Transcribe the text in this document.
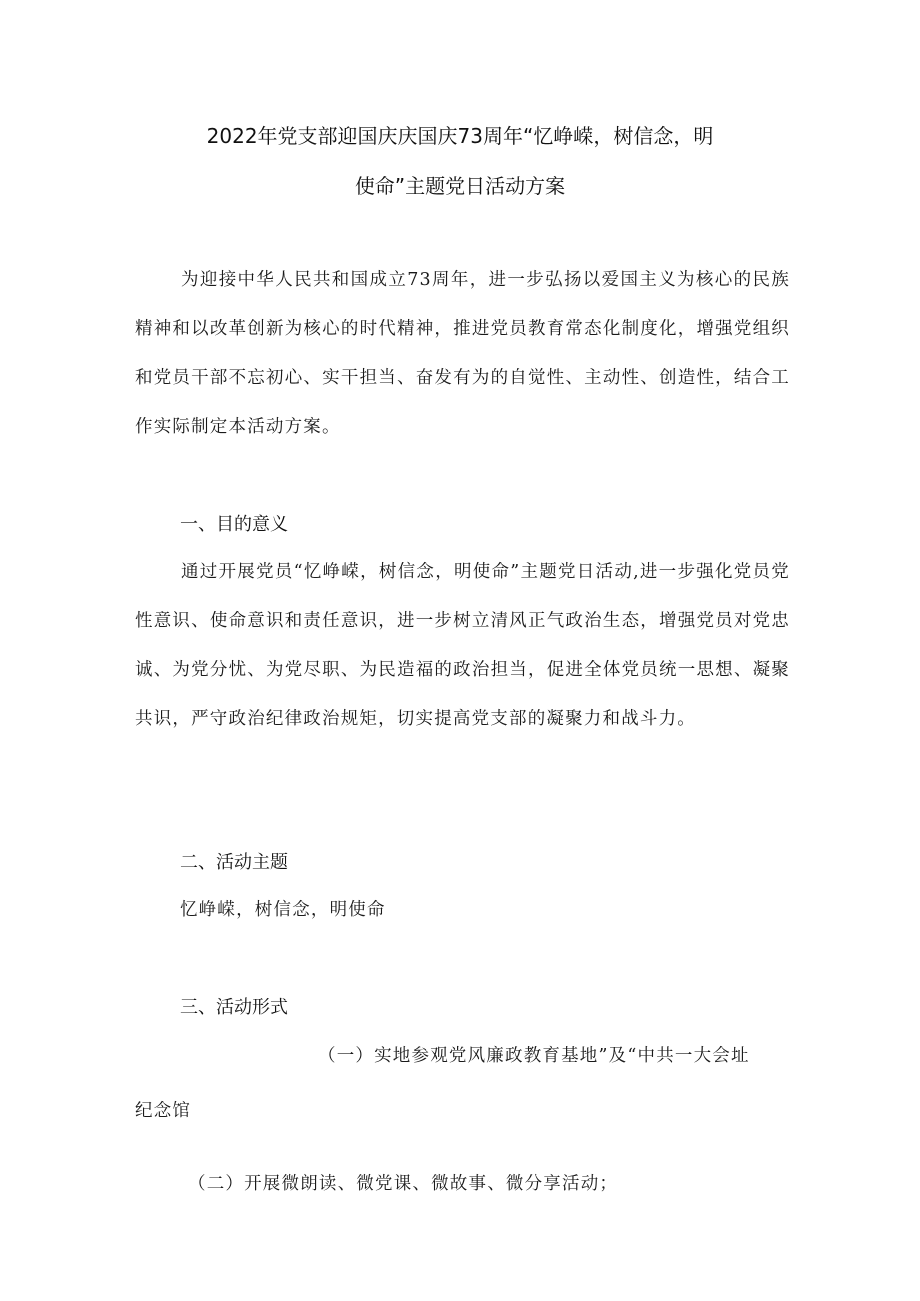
2022年党支部迎国庆庆国庆73周年“忆峥嵘，树信念，明
使命”主题党日活动方案

为迎接中华人民共和国成立73周年，进一步弘扬以爱国主义为核心的民族精神和以改革创新为核心的时代精神，推进党员教育常态化制度化，增强党组织和党员干部不忘初心、实干担当、奋发有为的自觉性、主动性、创造性，结合工作实际制定本活动方案。

一、目的意义

通过开展党员“忆峥嵘，树信念，明使命”主题党日活动,进一步强化党员党性意识、使命意识和责任意识，进一步树立清风正气政治生态，增强党员对党忠诚、为党分忧、为党尽职、为民造福的政治担当，促进全体党员统一思想、凝聚共识，严守政治纪律政治规矩，切实提高党支部的凝聚力和战斗力。

二、活动主题
忆峥嵘，树信念，明使命
三、活动形式
（一）实地参观党风廉政教育基地”及“中共一大会址
纪念馆
（二）开展微朗读、微党课、微故事、微分享活动；
